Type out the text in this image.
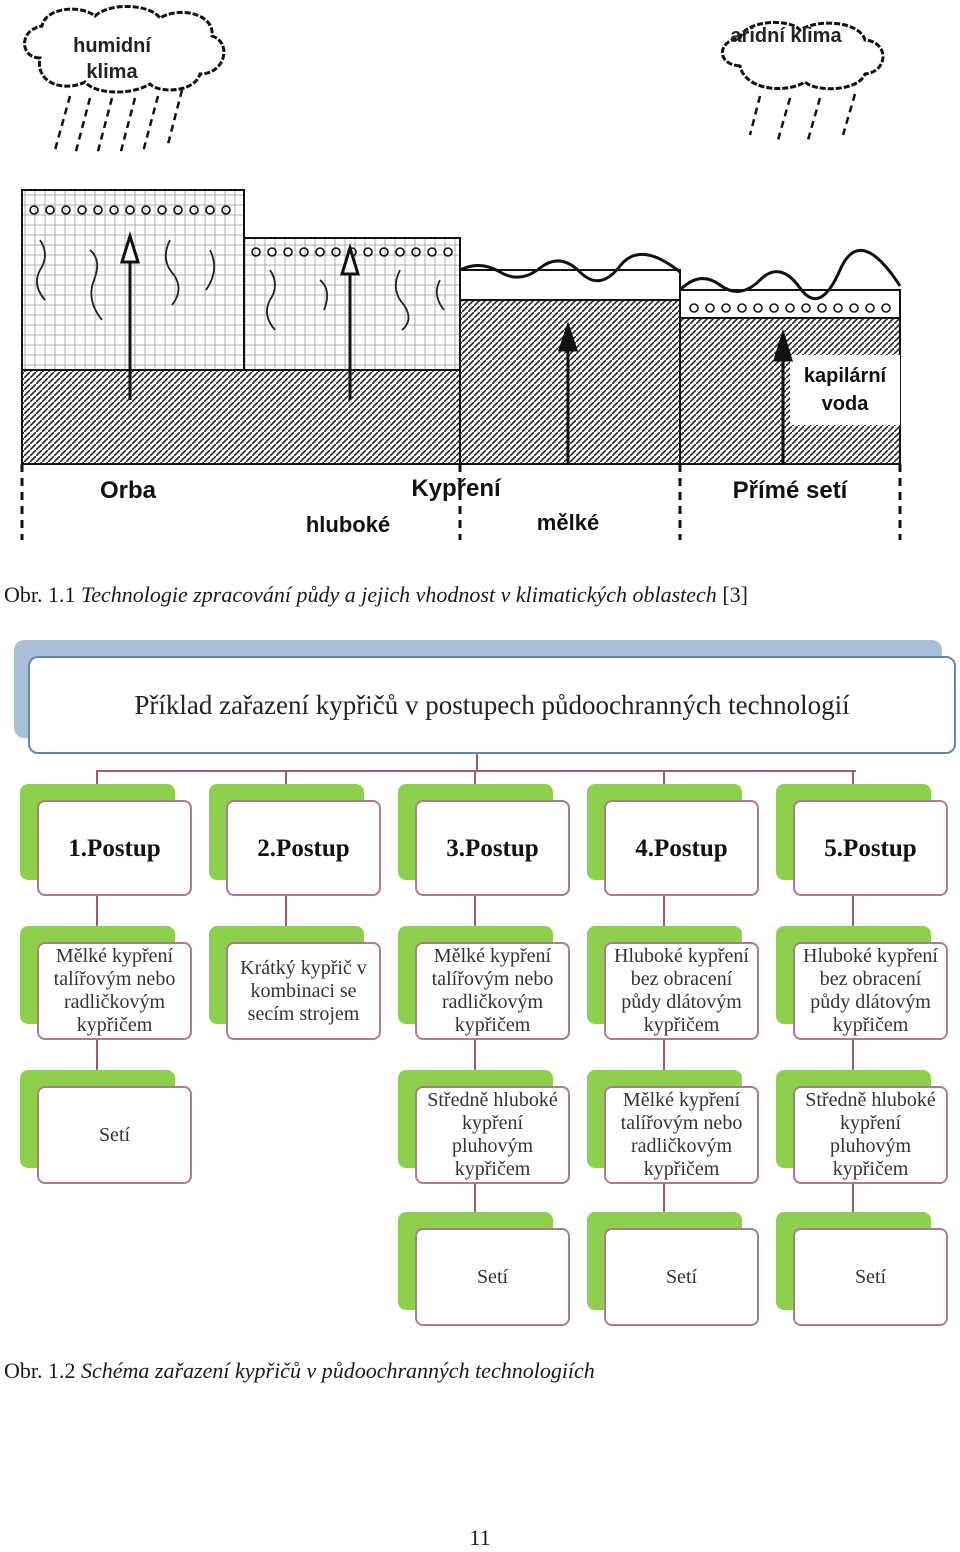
humidní klima
aridní klima
kapilární voda
Orba	Kypření
hluboké	mělké
Přímé setí
Obr. 1.1 Technologie zpracování půdy a jejich vhodnost v klimatických oblastech [3]
Příklad zařazení kypřičů v postupech půdoochranných technologií
1.Postup
Mělké kypření talířovým nebo radličkovým kypřičem
Setí
2.Postup
Krátký kypřič v kombinaci se secím strojem
3.Postup
Mělké kypření talířovým nebo radličkovým kypřičem
Středně hluboké kypření pluhovým kypřičem
Setí
4.Postup
Hluboké kypření bez obracení půdy dlátovým kypřičem
Mělké kypření talířovým nebo radličkovým kypřičem
Setí
5.Postup
Hluboké kypření bez obracení půdy dlátovým kypřičem
Středně hluboké kypření pluhovým kypřičem
Setí
Obr. 1.2 Schéma zařazení kypřičů v půdoochranných technologiích
11
